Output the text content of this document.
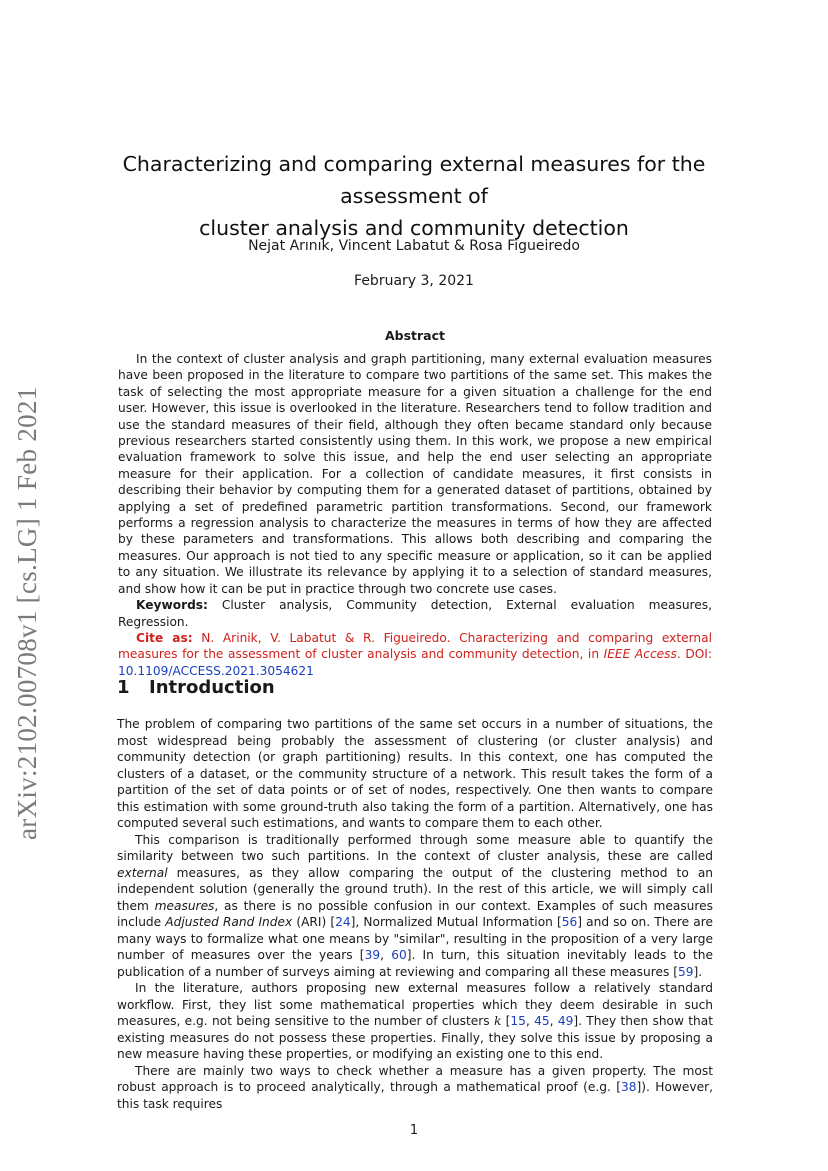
arXiv:2102.00708v1 [cs.LG] 1 Feb 2021
Characterizing and comparing external measures for the assessment of
cluster analysis and community detection
Nejat Arınık, Vincent Labatut & Rosa Figueiredo
February 3, 2021
Abstract

In the context of cluster analysis and graph partitioning, many external evaluation measures have been proposed in the literature to compare two partitions of the same set. This makes the task of selecting the most appropriate measure for a given situation a challenge for the end user. However, this issue is overlooked in the literature. Researchers tend to follow tradition and use the standard measures of their field, although they often became standard only because previous researchers started consistently using them. In this work, we propose a new empirical evaluation framework to solve this issue, and help the end user selecting an appropriate measure for their application. For a collection of candidate measures, it first consists in describing their behavior by computing them for a generated dataset of partitions, obtained by applying a set of predefined parametric partition transformations. Second, our framework performs a regression analysis to characterize the measures in terms of how they are affected by these parameters and transformations. This allows both describing and comparing the measures. Our approach is not tied to any specific measure or application, so it can be applied to any situation. We illustrate its relevance by applying it to a selection of standard measures, and show how it can be put in practice through two concrete use cases.

Keywords: Cluster analysis, Community detection, External evaluation measures, Regression.

Cite as: N. Arinik, V. Labatut & R. Figueiredo. Characterizing and comparing external measures for the assessment of cluster analysis and community detection, in IEEE Access. DOI: 10.1109/ACCESS.2021.3054621

1 Introduction

The problem of comparing two partitions of the same set occurs in a number of situations, the most widespread being probably the assessment of clustering (or cluster analysis) and community detection (or graph partitioning) results. In this context, one has computed the clusters of a dataset, or the community structure of a network. This result takes the form of a partition of the set of data points or of set of nodes, respectively. One then wants to compare this estimation with some ground-truth also taking the form of a partition. Alternatively, one has computed several such estimations, and wants to compare them to each other.

This comparison is traditionally performed through some measure able to quantify the similarity between two such partitions. In the context of cluster analysis, these are called external measures, as they allow comparing the output of the clustering method to an independent solution (generally the ground truth). In the rest of this article, we will simply call them measures, as there is no possible confusion in our context. Examples of such measures include Adjusted Rand Index (ARI) [24], Normalized Mutual Information [56] and so on. There are many ways to formalize what one means by "similar", resulting in the proposition of a very large number of measures over the years [39, 60]. In turn, this situation inevitably leads to the publication of a number of surveys aiming at reviewing and comparing all these measures [59].

In the literature, authors proposing new external measures follow a relatively standard workflow. First, they list some mathematical properties which they deem desirable in such measures, e.g. not being sensitive to the number of clusters k [15, 45, 49]. They then show that existing measures do not possess these properties. Finally, they solve this issue by proposing a new measure having these properties, or modifying an existing one to this end.

There are mainly two ways to check whether a measure has a given property. The most robust approach is to proceed analytically, through a mathematical proof (e.g. [38]). However, this task requires

1
